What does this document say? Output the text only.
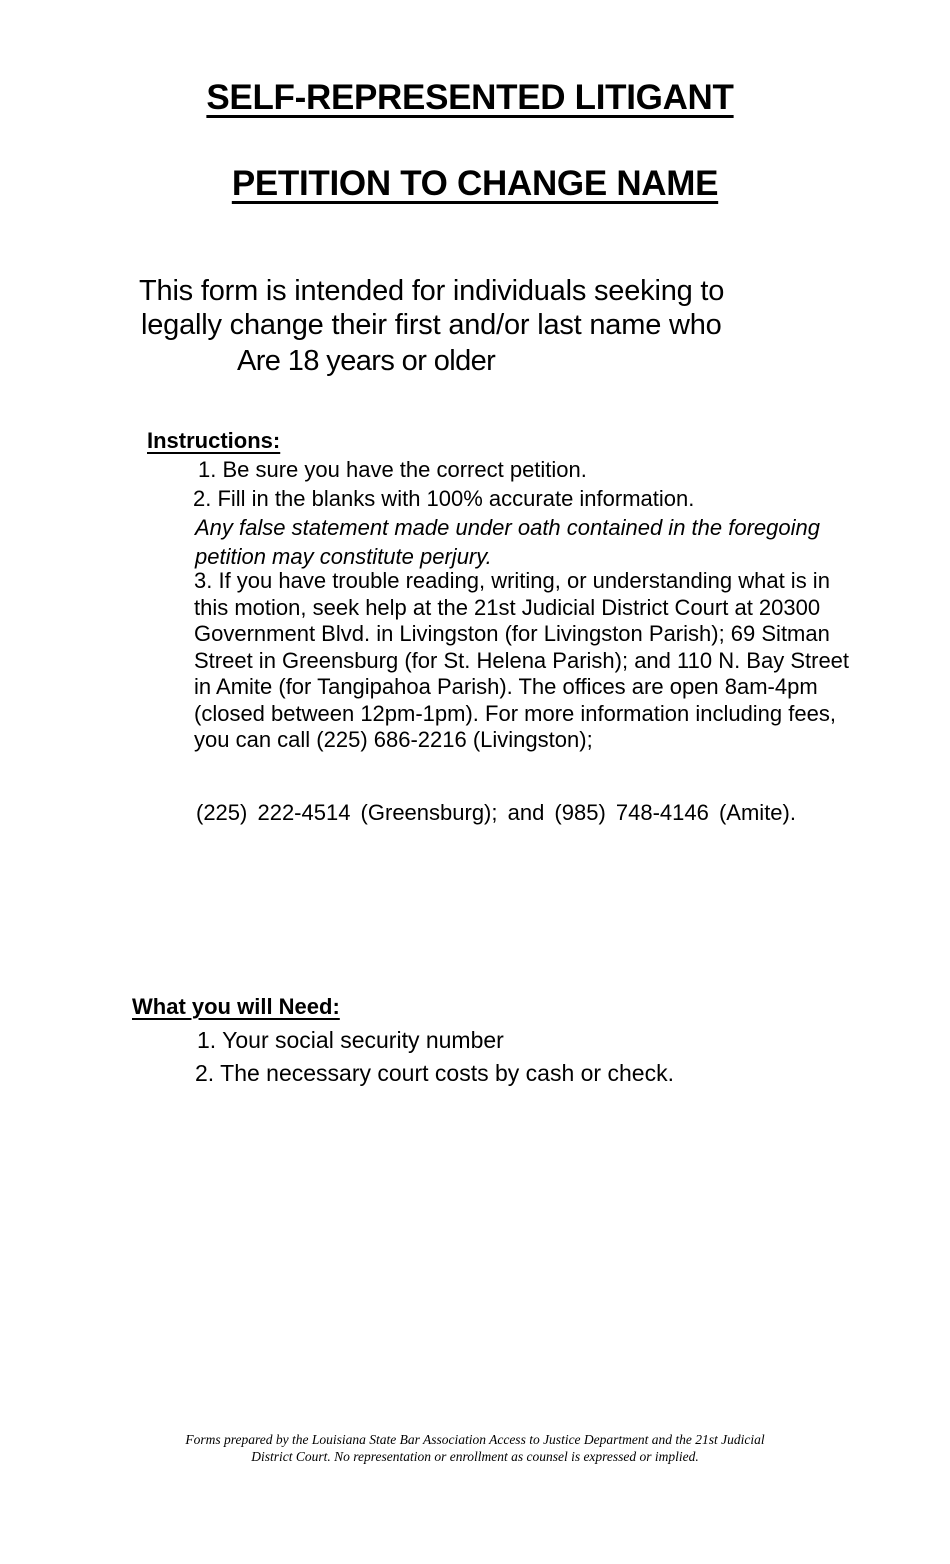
SELF-REPRESENTED LITIGANT
PETITION TO CHANGE NAME

This form is intended for individuals seeking to

legally change their first and/or last name who

Are 18 years or older

Instructions:

1. Be sure you have the correct petition.

2. Fill in the blanks with 100% accurate information.

Any false statement made under oath contained in the foregoing petition may constitute perjury.

3. If you have trouble reading, writing, or understanding what is in this motion, seek help at the 21st Judicial District Court at 20300 Government Blvd. in Livingston (for Livingston Parish); 69 Sitman Street in Greensburg (for St. Helena Parish); and 110 N. Bay Street in Amite (for Tangipahoa Parish). The offices are open 8am-4pm (closed between 12pm-1pm). For more information including fees, you can call (225) 686-2216 (Livingston);

(225) 222-4514 (Greensburg); and (985) 748-4146 (Amite).

What you will Need:

1. Your social security number

2. The necessary court costs by cash or check.

Forms prepared by the Louisiana State Bar Association Access to Justice Department and the 21st Judicial
District Court. No representation or enrollment as counsel is expressed or implied.
